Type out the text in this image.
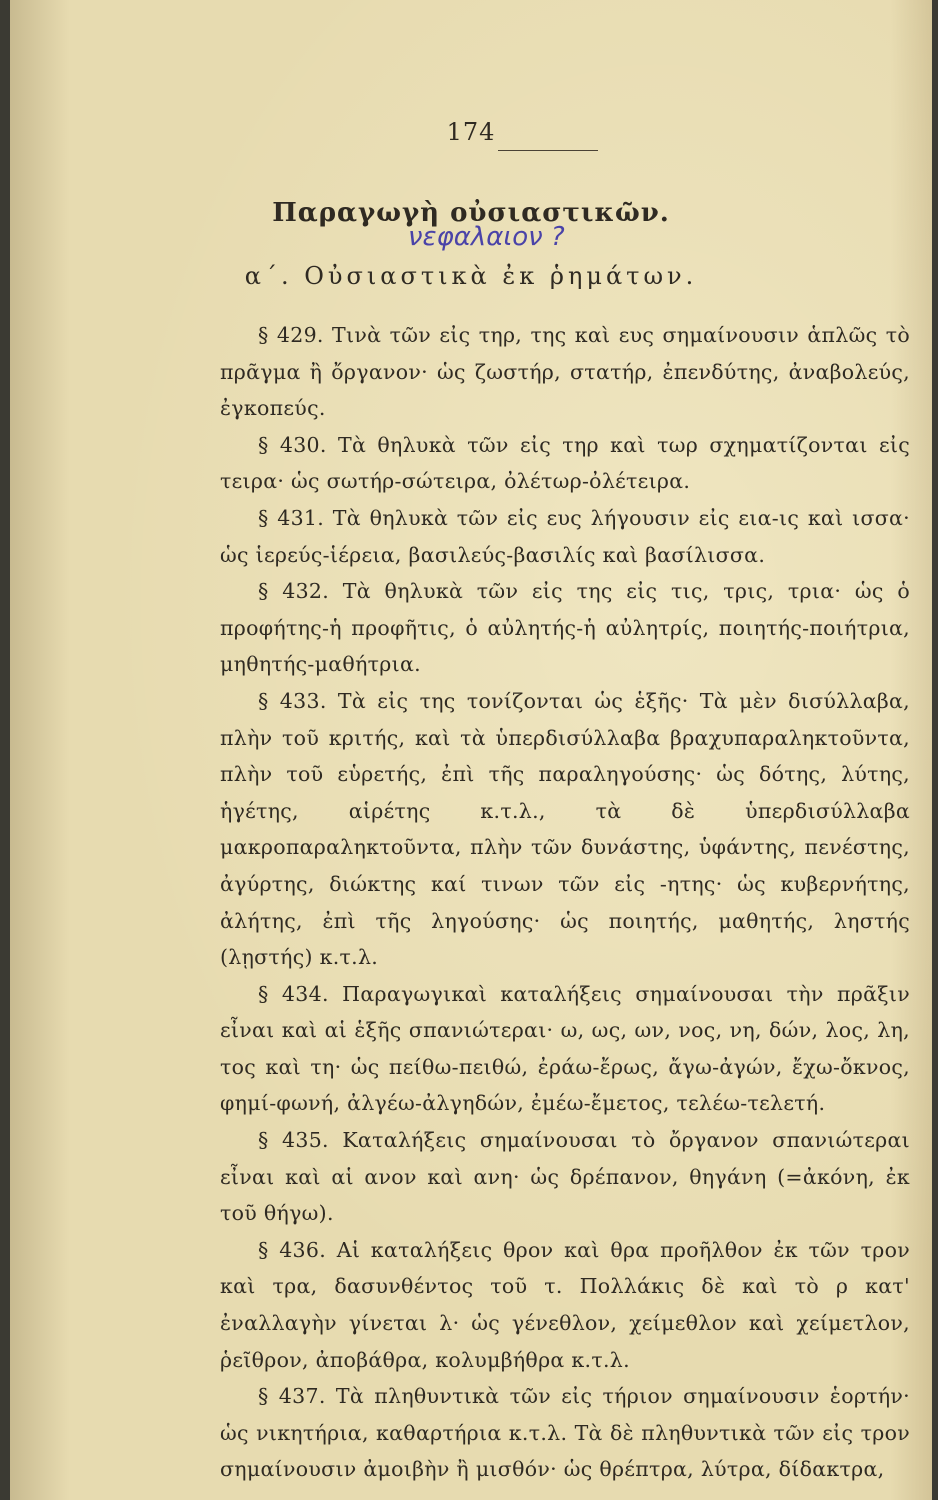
174
Παραγωγὴ οὐσιαστικῶν.
νεφαλαιον ?
α΄. Οὐσιαστικὰ ἐκ ῥημάτων.

§ 429. Τινὰ τῶν εἰς τηρ, της καὶ ευς σημαίνουσιν ἁπλῶς τὸ πρᾶγμα ἢ ὄργανον· ὡς ζωστήρ, στατήρ, ἐπενδύτης, ἀναβολεύς, ἐγκοπεύς.

§ 430. Τὰ θηλυκὰ τῶν εἰς τηρ καὶ τωρ σχηματίζονται εἰς τειρα· ὡς σωτήρ-σώτειρα, ὀλέτωρ-ὀλέτειρα.

§ 431. Τὰ θηλυκὰ τῶν εἰς ευς λήγουσιν εἰς εια-ις καὶ ισσα· ὡς ἱερεύς-ἱέρεια, βασιλεύς-βασιλίς καὶ βασίλισσα.

§ 432. Τὰ θηλυκὰ τῶν εἰς της εἰς τις, τρις, τρια· ὡς ὁ προφήτης-ἡ προφῆτις, ὁ αὐλητής-ἡ αὐλητρίς, ποιητής-ποιήτρια, μηθητής-μαθήτρια.

§ 433. Τὰ εἰς της τονίζονται ὡς ἑξῆς· Τὰ μὲν δισύλλαβα, πλὴν τοῦ κριτής, καὶ τὰ ὑπερδισύλλαβα βραχυπαραληκτοῦντα, πλὴν τοῦ εὑρετής, ἐπὶ τῆς παραληγούσης· ὡς δότης, λύτης, ἡγέτης, αἱρέτης κ.τ.λ., τὰ δὲ ὑπερδισύλλαβα μακροπαραληκτοῦντα, πλὴν τῶν δυνάστης, ὑφάντης, πενέστης, ἀγύρτης, διώκτης καί τινων τῶν εἰς -ητης· ὡς κυβερνήτης, ἀλήτης, ἐπὶ τῆς ληγούσης· ὡς ποιητής, μαθητής, ληστής (λῃστής) κ.τ.λ.

§ 434. Παραγωγικαὶ καταλήξεις σημαίνουσαι τὴν πρᾶξιν εἶναι καὶ αἱ ἑξῆς σπανιώτεραι· ω, ως, ων, νος, νη, δών, λος, λη, τος καὶ τη· ὡς πείθω-πειθώ, ἐράω-ἔρως, ἄγω-ἀγών, ἔχω-ὄκνος, φημί-φωνή, ἀλγέω-ἀλγηδών, ἐμέω-ἔμετος, τελέω-τελετή.

§ 435. Καταλήξεις σημαίνουσαι τὸ ὄργανον σπανιώτεραι εἶναι καὶ αἱ ανον καὶ ανη· ὡς δρέπανον, θηγάνη (=ἀκόνη, ἐκ τοῦ θήγω).

§ 436. Αἱ καταλήξεις θρον καὶ θρα προῆλθον ἐκ τῶν τρον καὶ τρα, δασυνθέντος τοῦ τ. Πολλάκις δὲ καὶ τὸ ρ κατ' ἐναλλαγὴν γίνεται λ· ὡς γένεθλον, χείμεθλον καὶ χείμετλον, ῥεῖθρον, ἀποβάθρα, κολυμβήθρα κ.τ.λ.

§ 437. Τὰ πληθυντικὰ τῶν εἰς τήριον σημαίνουσιν ἑορτήν· ὡς νικητήρια, καθαρτήρια κ.τ.λ. Τὰ δὲ πληθυντικὰ τῶν εἰς τρον σημαίνουσιν ἀμοιβὴν ἢ μισθόν· ὡς θρέπτρα, λύτρα, δίδακτρα,
